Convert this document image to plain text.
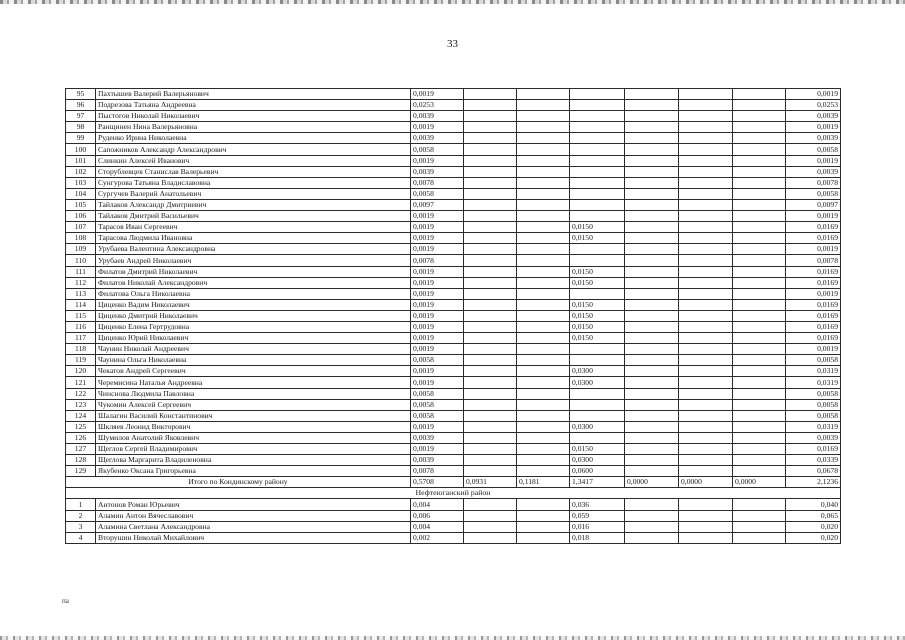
33
95	Пахтышев Валерий Валерьянович	0,0019							0,0019
96	Подрезова Татьяна Андреевна	0,0253							0,0253
97	Пыстогов Николай Николаевич	0,0039							0,0039
98	Ранщинен Нина Валерьяновна	0,0019							0,0019
99	Руденко Ирина Николаевна	0,0039							0,0039
100	Сапожников Александр Александрович	0,0058							0,0058
101	Слинкин Алексей Иванович	0,0019							0,0019
102	Сторублевцев Станислав Валерьевич	0,0039							0,0039
103	Сунгурова Татьяна Владиславовна	0,0078							0,0078
104	Сургучев Валерий Анатольевич	0,0058							0,0058
105	Тайлаков Александр Дмитриевич	0,0097							0,0097
106	Тайлаков Дмитрий Васильевич	0,0019							0,0019
107	Тарасов Иван Сергеевич	0,0019			0,0150				0,0169
108	Тарасова Людмила Ивановна	0,0019			0,0150				0,0169
109	Урубаева Валентина Александровна	0,0019							0,0019
110	Урубаев Андрей Николаевич	0,0078							0,0078
111	Филатов Дмитрий Николаевич	0,0019			0,0150				0,0169
112	Филатов Николай Александрович	0,0019			0,0150				0,0169
113	Филатова Ольга Николаевна	0,0019							0,0019
114	Циценко Вадим Николаевич	0,0019			0,0150				0,0169
115	Циценко Дмитрий Николаевич	0,0019			0,0150				0,0169
116	Циценко Елена Гертрудовна	0,0019			0,0150				0,0169
117	Циценко Юрий Николаевич	0,0019			0,0150				0,0169
118	Чаунин Николай Андреевич	0,0019							0,0019
119	Чаунина Ольга Николаевна	0,0058							0,0058
120	Чекатов Андрей Сергеевич	0,0019			0,0300				0,0319
121	Черемисина Наталья Андреевна	0,0019			0,0300				0,0319
122	Чинснова Людмила Павловна	0,0058							0,0058
123	Чукомин Алексей Сергеевич	0,0058							0,0058
124	Шалагин Василий Константинович	0,0058							0,0058
125	Шкляев Леонид Викторович	0,0019			0,0300				0,0319
126	Шумилов Анатолий Яковлевич	0,0039							0,0039
127	Щеглов Сергей Владимирович	0,0019			0,0150				0,0169
128	Щеглова Маргарита Владиленовна	0,0039			0,0300				0,0339
129	Якубенко Оксана Григорьевна	0,0078			0,0600				0,0678
Итого по Кондинскому району		0,5708	0,0931	0,1181	1,3417	0,0000	0,0000	0,0000	2,1236
Нефтеюганский район									
1	Антонов Роман Юрьевич	0,004			0,036				0,040
2	Аламин Антон Вячеславович	0,006			0,059				0,065
3	Аламина Светлана Александровна	0,004			0,016				0,020
4	Вторушин Николай Михайлович	0,002			0,018				0,020
па
